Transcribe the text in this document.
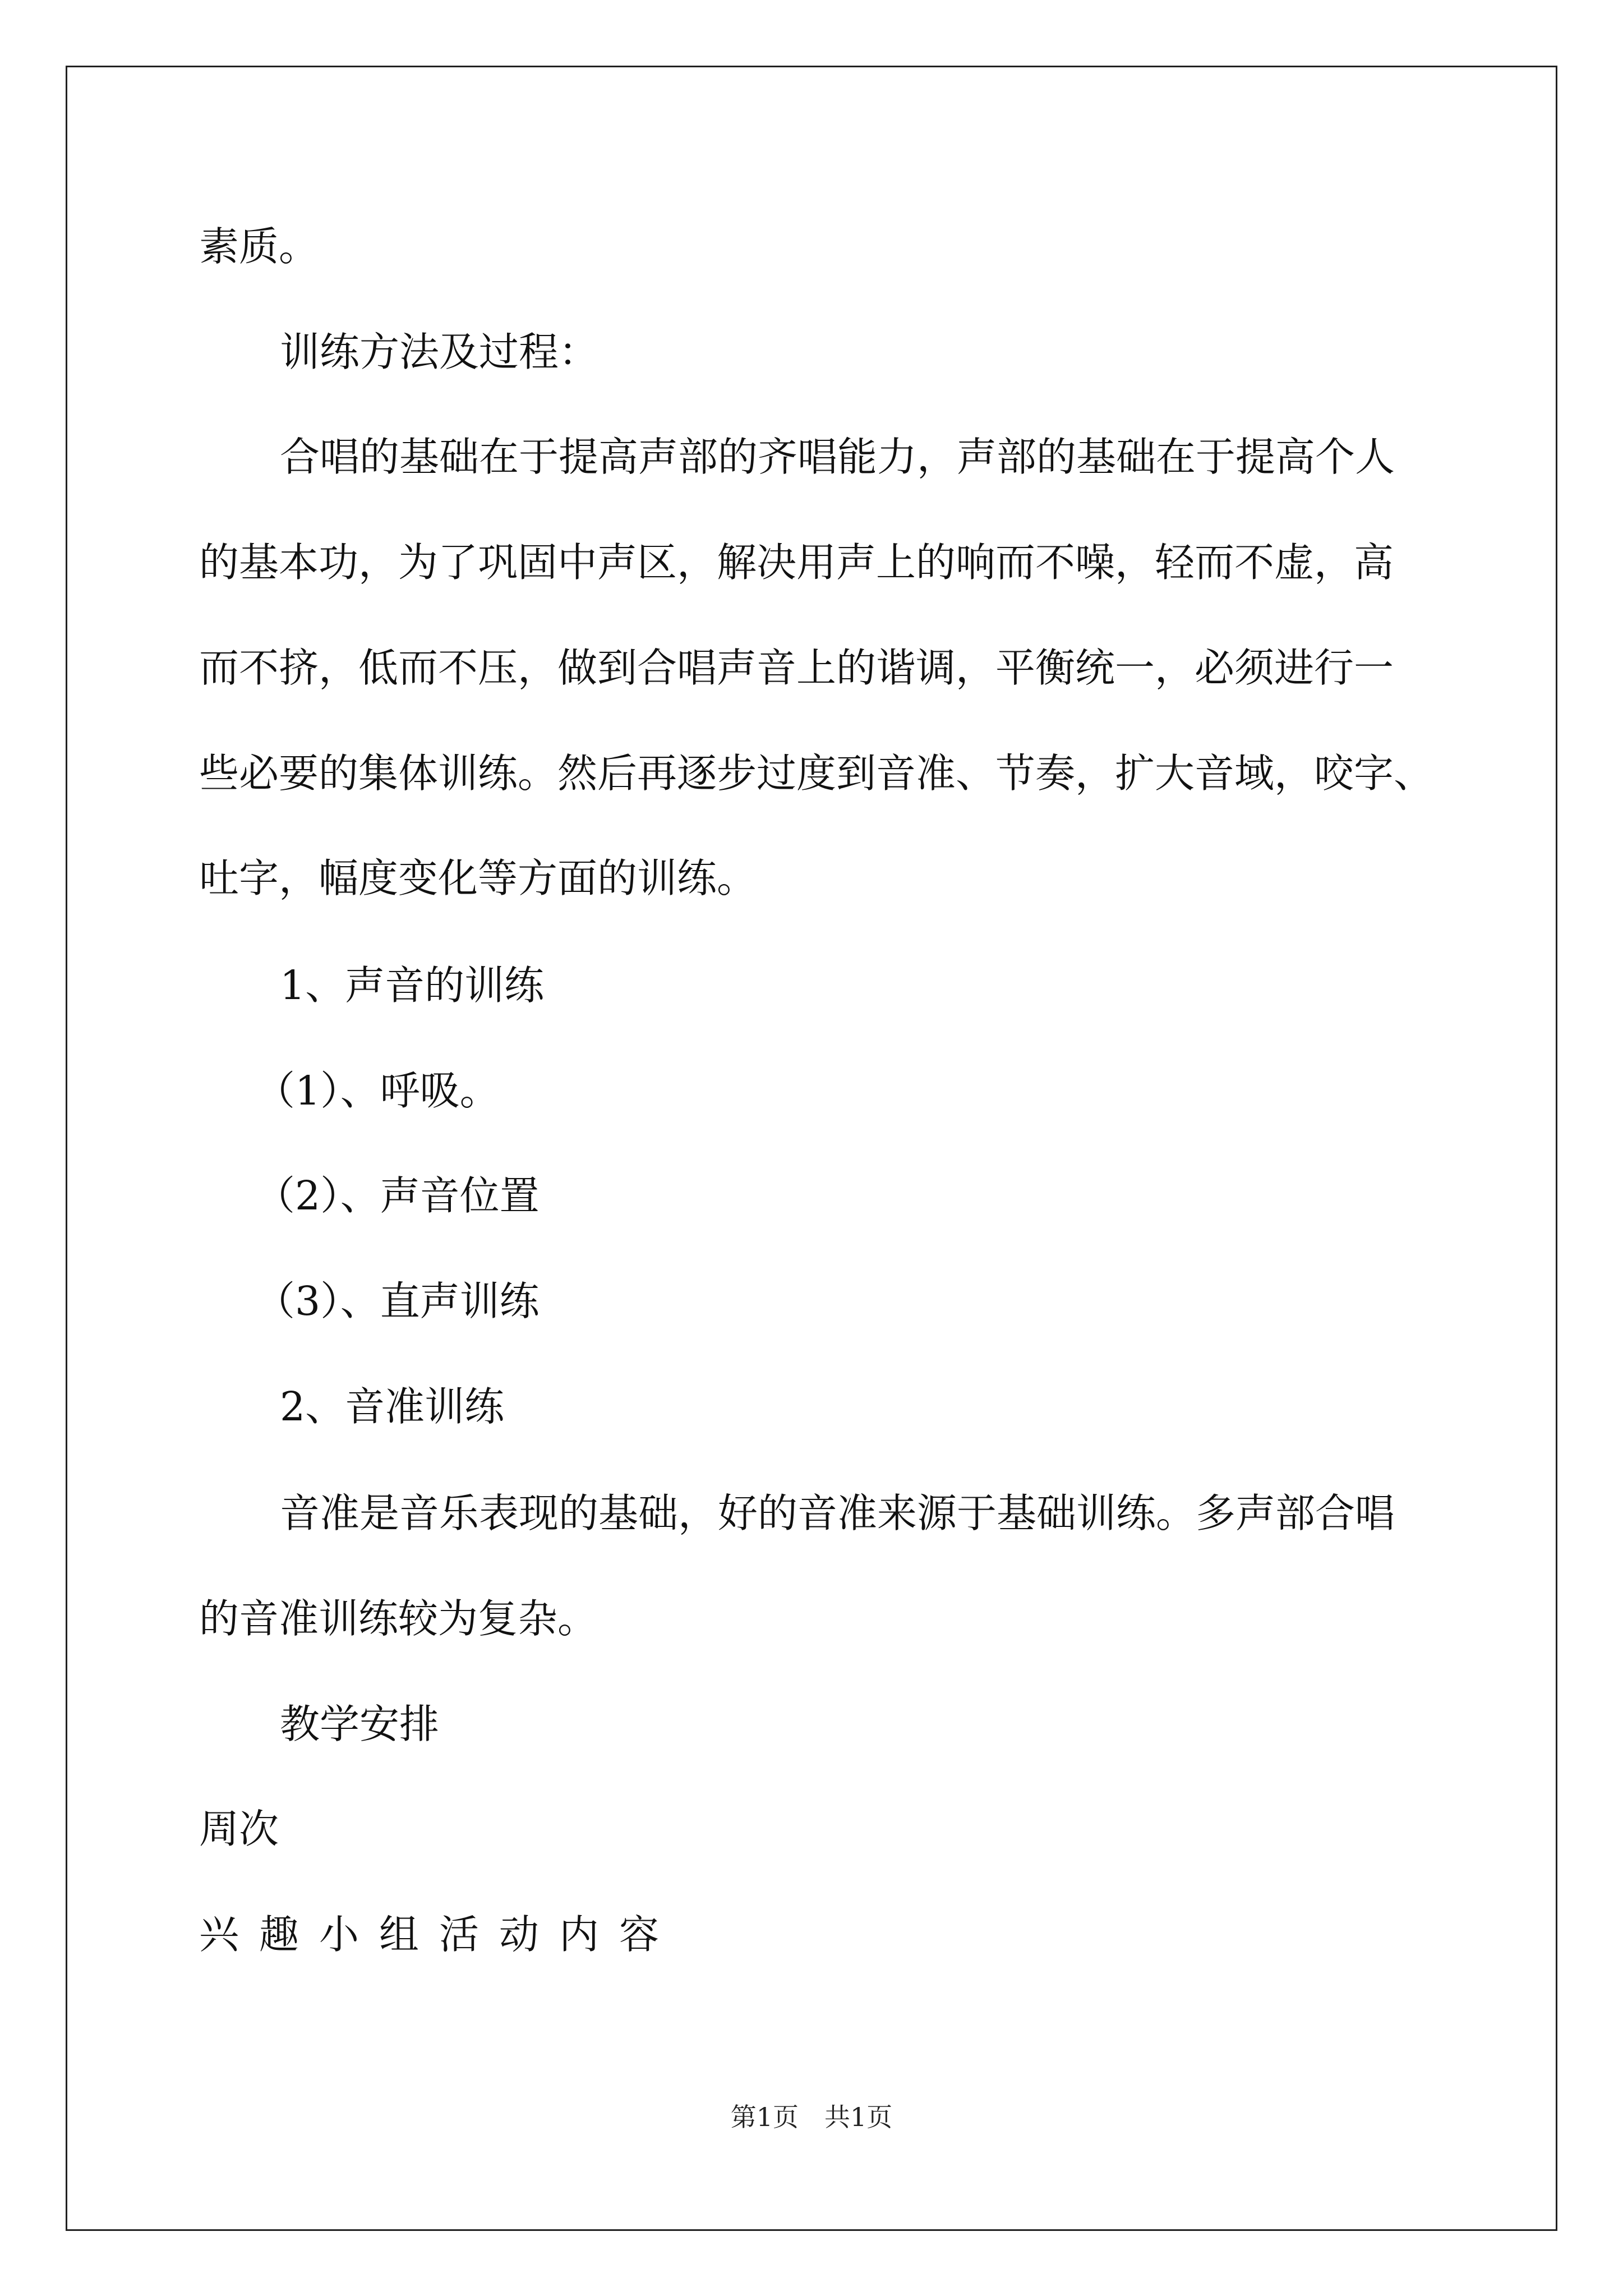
素质。
训练方法及过程：
合唱的基础在于提高声部的齐唱能力，声部的基础在于提高个人
的基本功，为了巩固中声区，解决用声上的响而不噪，轻而不虚，高
而不挤，低而不压，做到合唱声音上的谐调，平衡统一，必须进行一
些必要的集体训练。然后再逐步过度到音准、节奏，扩大音域，咬字、
吐字，幅度变化等方面的训练。
1、声音的训练
（1）、呼吸。
（2）、声音位置
（3）、直声训练
2、音准训练
音准是音乐表现的基础，好的音准来源于基础训练。多声部合唱
的音准训练较为复杂。
教学安排
周次
兴趣小组活动内容
第1页　共1页
